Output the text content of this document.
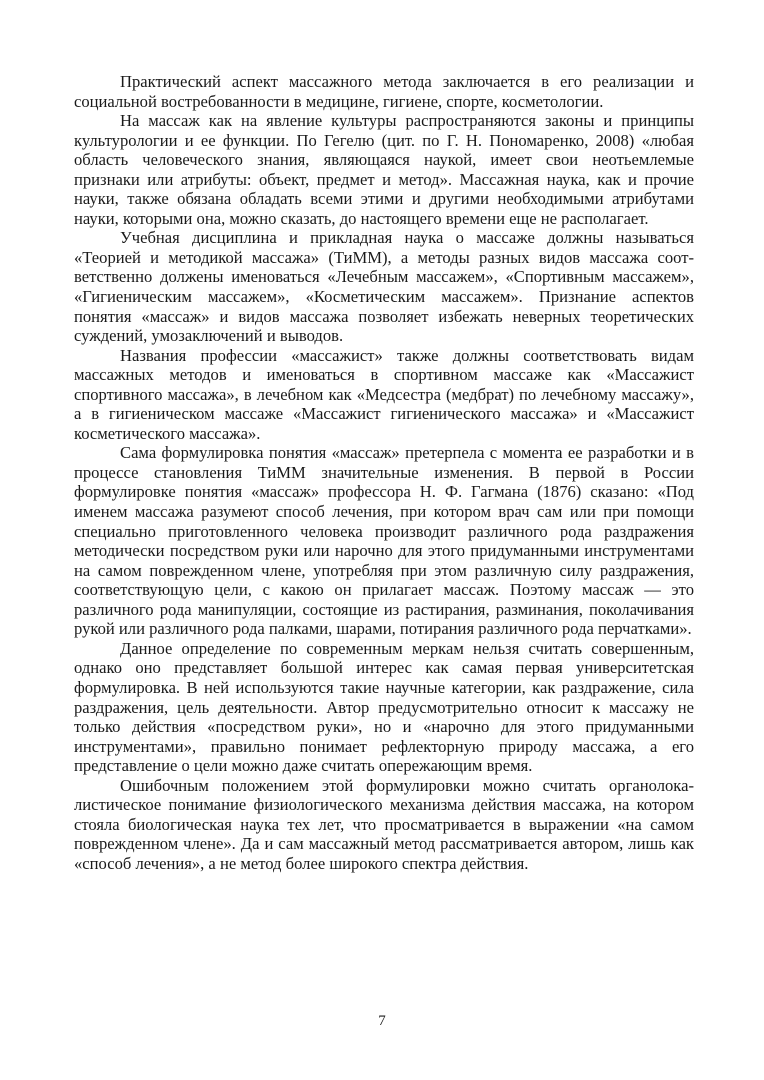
Практический аспект массажного метода заключается в его реализации и социальной востребованности в медицине, гигиене, спорте, косметологии.

На массаж как на явление культуры распространяются законы и принципы культурологии и ее функции. По Гегелю (цит. по Г. Н. Пономаренко, 2008) «любая область человеческого знания, являющаяся наукой, имеет свои неотьемлемые признаки или атрибуты: объект, предмет и метод». Массажная наука, как и прочие науки, также обязана обладать всеми этими и другими необходимыми атрибутами науки, которыми она, можно сказать, до настоящего времени еще не располагает.

Учебная дисциплина и прикладная наука о массаже должны называться «Теорией и методикой массажа» (ТиММ), а методы разных видов массажа соответственно должены именоваться «Лечебным массажем», «Спортивным массажем», «Гигиеническим массажем», «Косметическим массажем». Признание аспектов понятия «массаж» и видов массажа позволяет избежать неверных теоретических суждений, умозаключений и выводов.

Названия профессии «массажист» также должны соответствовать видам массажных методов и именоваться в спортивном массаже как «Массажист спортивного массажа», в лечебном как «Медсестра (медбрат) по лечебному массажу», а в гигиеническом массаже «Массажист гигиенического массажа» и «Массажист косметического массажа».

Сама формулировка понятия «массаж» претерпела с момента ее разработки и в процессе становления ТиММ значительные изменения. В первой в России формулировке понятия «массаж» профессора Н. Ф. Гагмана (1876) сказано: «Под именем массажа разумеют способ лечения, при котором врач сам или при помощи специально приготовленного человека производит различного рода раздражения методически посредством руки или нарочно для этого придуманными инструментами на самом поврежденном члене, употребляя при этом различную силу раздражения, соответствующую цели, с какою он прилагает массаж. Поэтому массаж — это различного рода манипуляции, состоящие из растирания, разминания, поколачивания рукой или различного рода палками, шарами, потирания различного рода перчатками».

Данное определение по современным меркам нельзя считать совершенным, однако оно представляет большой интерес как самая первая университетская формулировка. В ней используются такие научные категории, как раздражение, сила раздражения, цель деятельности. Автор предусмотрительно относит к массажу не только действия «посредством руки», но и «нарочно для этого придуманными инструментами», правильно понимает рефлекторную природу массажа, а его представление о цели можно даже считать опережающим время.

Ошибочным положением этой формулировки можно считать органолокалистическое понимание физиологического механизма действия массажа, на котором стояла биологическая наука тех лет, что просматривается в выражении «на самом поврежденном члене». Да и сам массажный метод рассматривается автором, лишь как «способ лечения», а не метод более широкого спектра действия.

7
